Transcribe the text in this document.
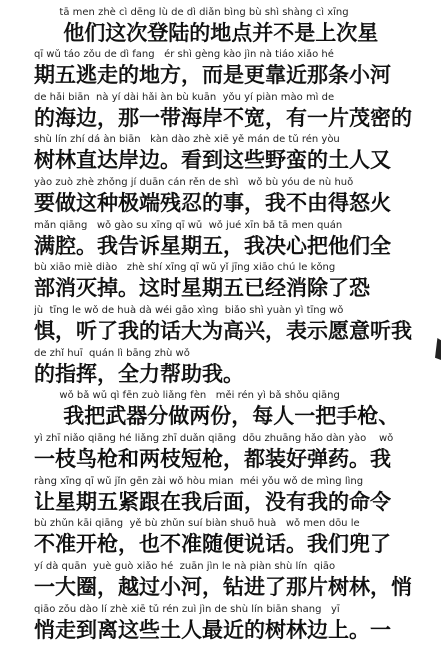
tā men zhè cì dēng lù de dì diǎn bìng bù shì shàng cì xīng
他们这次登陆的地点并不是上次星
qī wǔ táo zǒu de dì fang   ér shì gèng kào jìn nà tiáo xiǎo hé
期五逃走的地方，而是更靠近那条小河
de hǎi biān  nà yí dài hǎi àn bù kuān  yǒu yí piàn mào mì de
的海边，那一带海岸不宽，有一片茂密的
shù lín zhí dá àn biān   kàn dào zhè xiē yě mán de tǔ rén yòu
树林直达岸边。看到这些野蛮的土人又
yào zuò zhè zhǒng jí duān cán rěn de shì   wǒ bù yóu de nù huǒ
要做这种极端残忍的事，我不由得怒火
mǎn qiāng   wǒ gào su xīng qī wǔ  wǒ jué xīn bǎ tā men quán
满腔。我告诉星期五，我决心把他们全
bù xiāo miè diào   zhè shí xīng qī wǔ yǐ jīng xiāo chú le kǒng
部消灭掉。这时星期五已经消除了恐
jù  tīng le wǒ de huà dà wéi gāo xìng  biǎo shì yuàn yì tīng wǒ
惧，听了我的话大为高兴，表示愿意听我
de zhǐ huī  quán lì bāng zhù wǒ
的指挥，全力帮助我。
wǒ bǎ wǔ qì fēn zuò liǎng fèn   měi rén yì bǎ shǒu qiāng
我把武器分做两份，每人一把手枪、
yì zhī niǎo qiāng hé liǎng zhī duǎn qiāng  dōu zhuāng hǎo dàn yào    wǒ
一枝鸟枪和两枝短枪，都装好弹药。我
ràng xīng qī wǔ jǐn gēn zài wǒ hòu mian  méi yǒu wǒ de mìng lìng
让星期五紧跟在我后面，没有我的命令
bù zhǔn kāi qiāng  yě bù zhǔn suí biàn shuō huà   wǒ men dōu le
不准开枪，也不准随便说话。我们兜了
yí dà quān  yuè guò xiǎo hé  zuān jìn le nà piàn shù lín  qiāo
一大圈，越过小河，钻进了那片树林，悄
qiāo zǒu dào lí zhè xiē tǔ rén zuì jìn de shù lín biān shang   yī
悄走到离这些土人最近的树林边上。一
